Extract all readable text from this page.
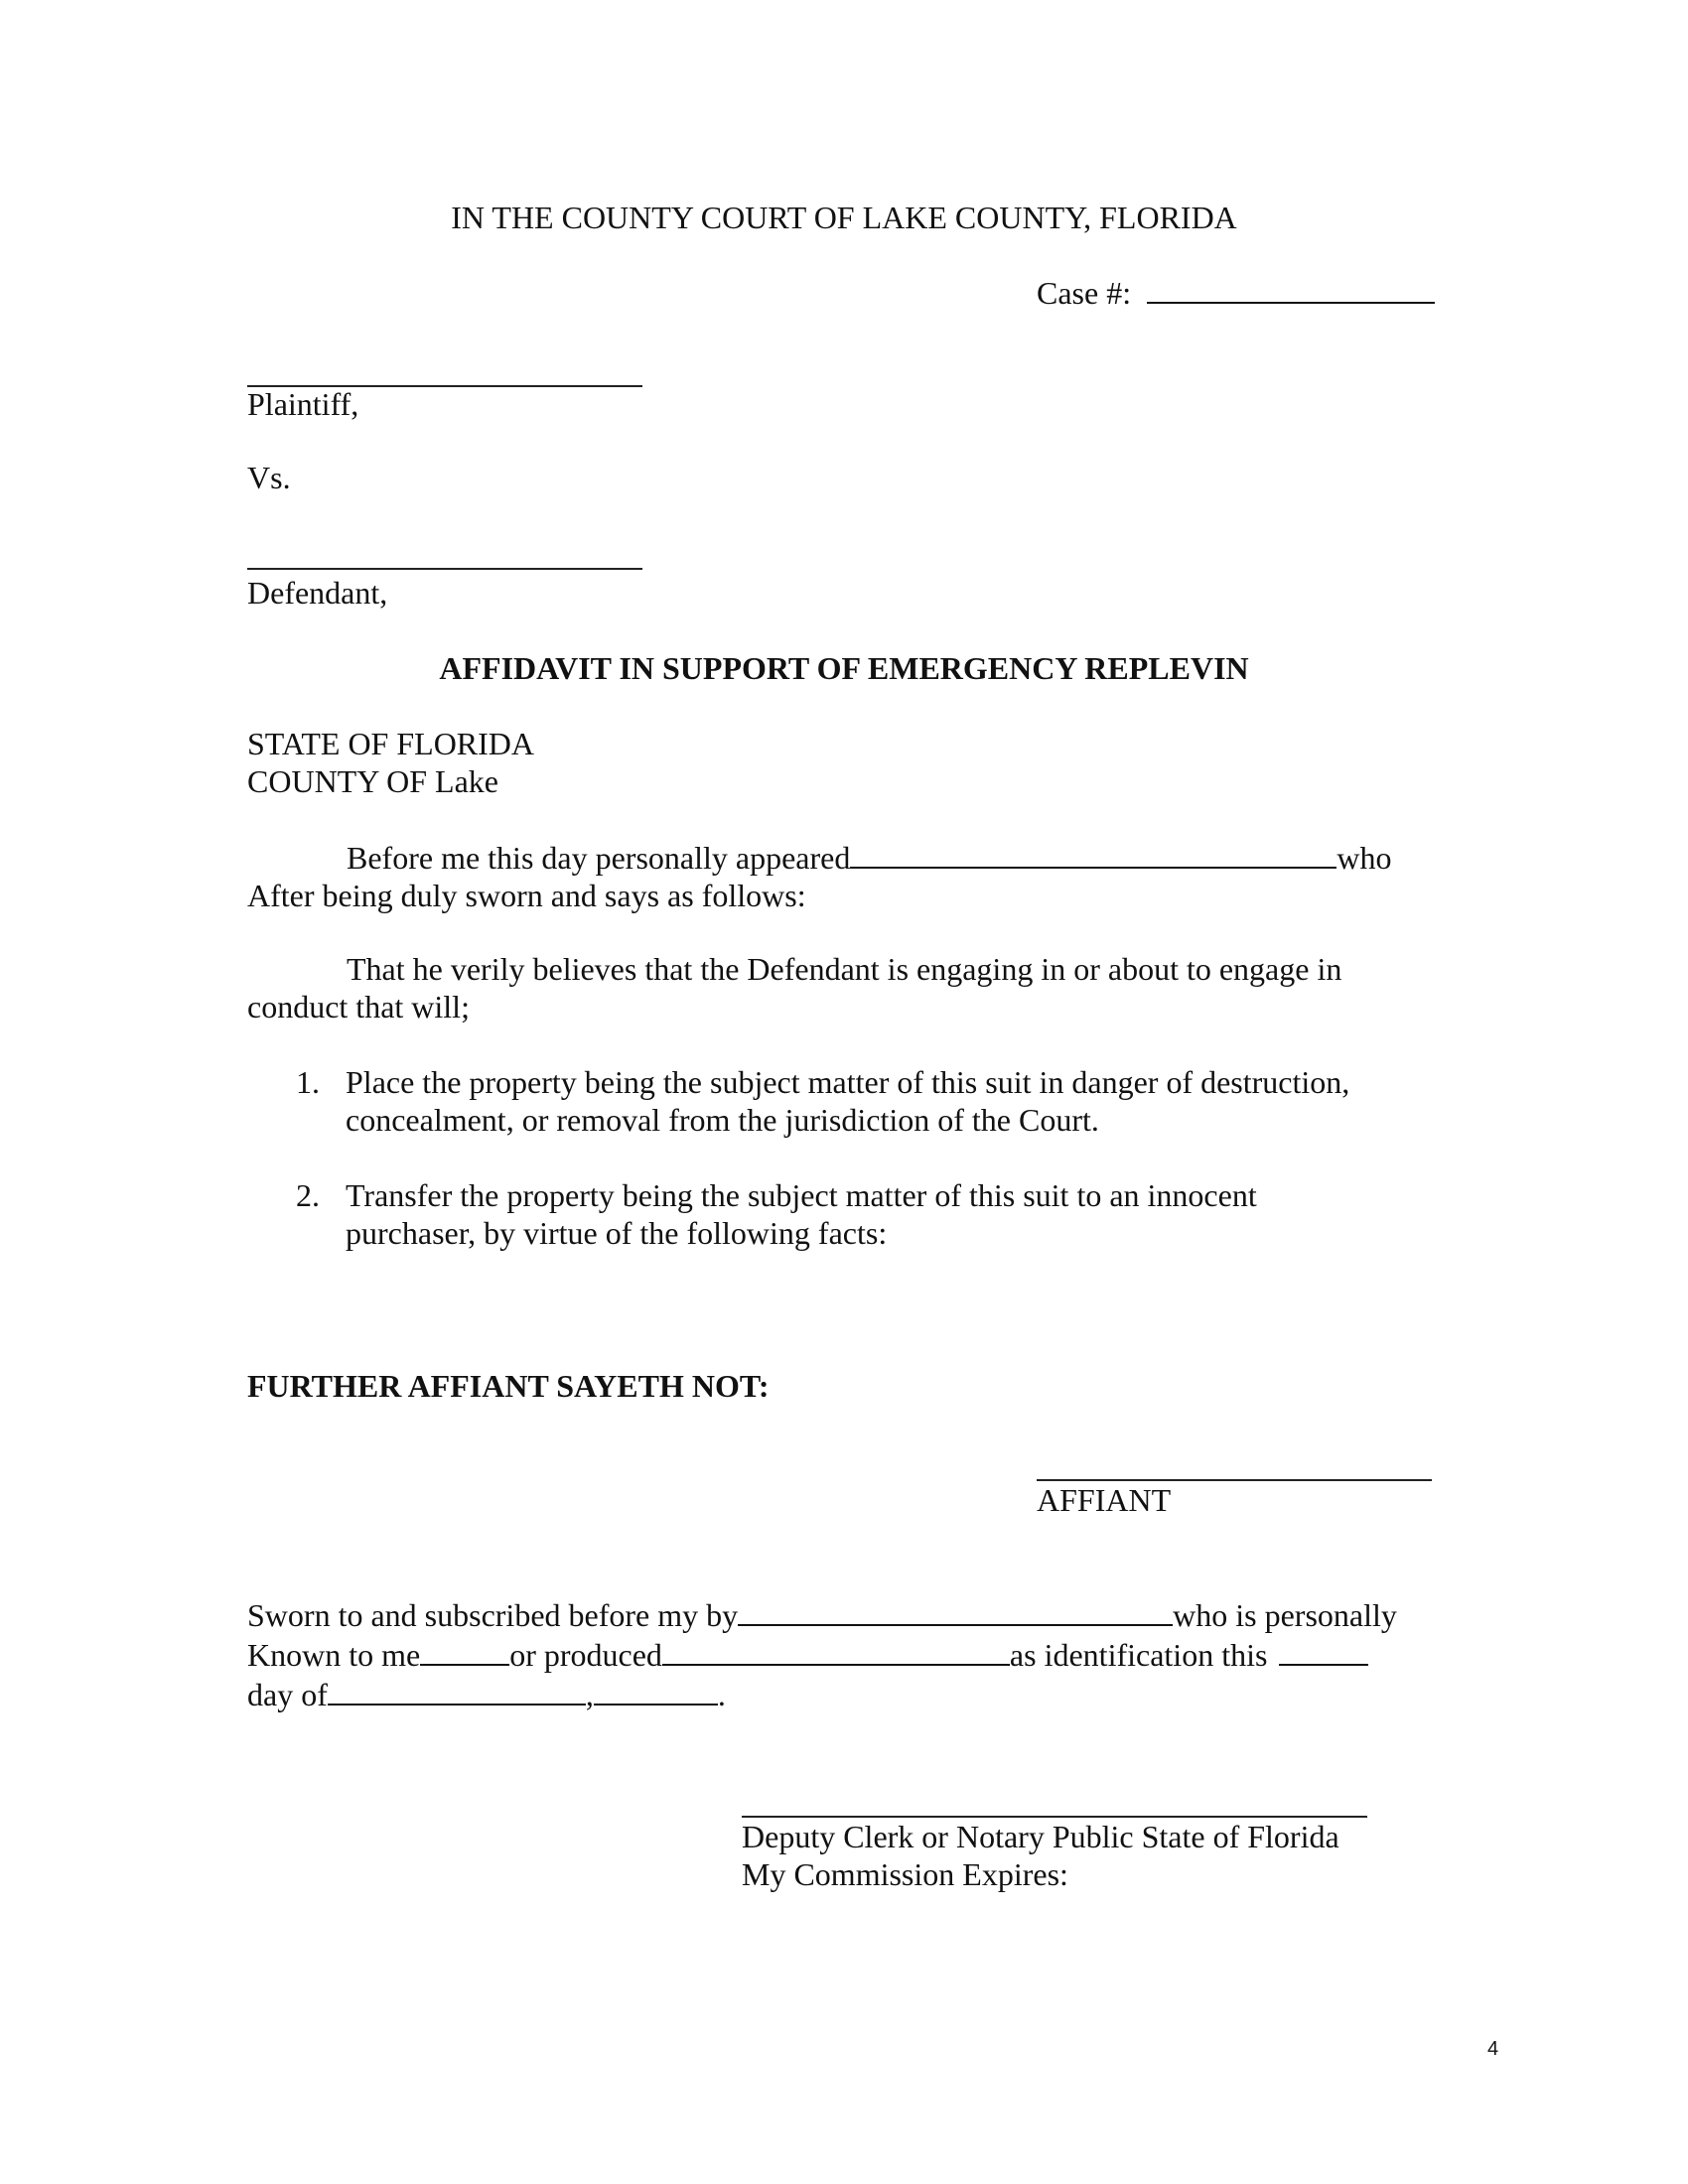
IN THE COUNTY COURT OF LAKE COUNTY, FLORIDA
Case #:
Plaintiff,
Vs.
Defendant,
AFFIDAVIT IN SUPPORT OF EMERGENCY REPLEVIN
STATE OF FLORIDA
COUNTY OF Lake
Before me this day personally appeared	who
After being duly sworn and says as follows:
That he verily believes that the Defendant is engaging in or about to engage in
conduct that will;
1. Place the property being the subject matter of this suit in danger of destruction,
concealment, or removal from the jurisdiction of the Court.
2. Transfer the property being the subject matter of this suit to an innocent
purchaser, by virtue of the following facts:
FURTHER AFFIANT SAYETH NOT:
AFFIANT
Sworn to and subscribed before my by	who is personally
Known to me	or produced	as identification this
day of	,	.
Deputy Clerk or Notary Public State of Florida
My Commission Expires:
4
